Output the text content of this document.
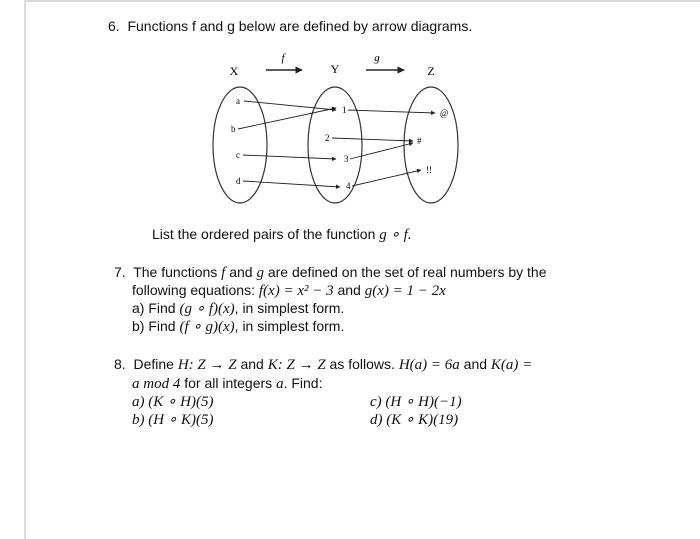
6. Functions f and g below are defined by arrow diagrams.
X	Y	Z
f	g
a
b
c
d
1
2
3
4
@
#
!!
List the ordered pairs of the function g ∘ f.
7. The functions f and g are defined on the set of real numbers by the
following equations: f(x) = x² − 3 and g(x) = 1 − 2x
a) Find (g ∘ f)(x), in simplest form.
b) Find (f ∘ g)(x), in simplest form.
8. Define H: Z → Z and K: Z → Z as follows. H(a) = 6a and K(a) =
a mod 4 for all integers a. Find:
a) (K ∘ H)(5)
b) (H ∘ K)(5)
c) (H ∘ H)(−1)
d) (K ∘ K)(19)
